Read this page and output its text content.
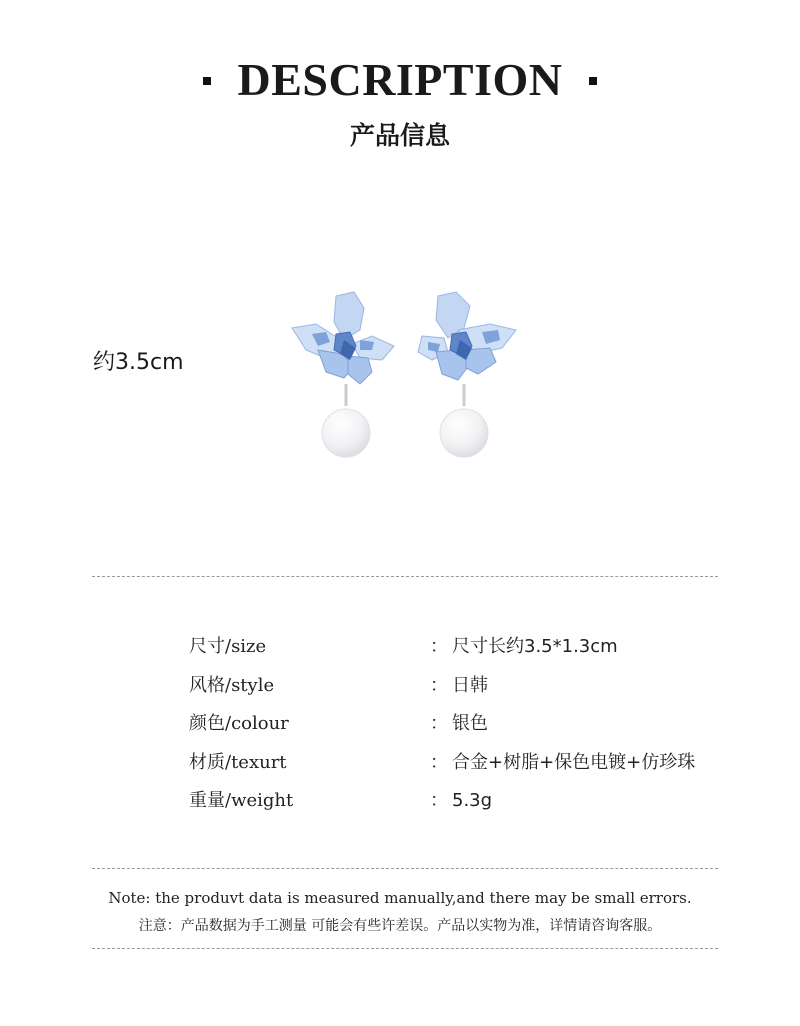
DESCRIPTION
产品信息
约3.5cm
尺寸/size	： 尺寸长约3.5*1.3cm
风格/style	： 日韩
颜色/colour	： 银色
材质/texurt	： 合金+树脂+保色电镀+仿珍珠
重量/weight	： 5.3g
Note: the produvt data is measured manually,and there may be small errors.
注意：产品数据为手工测量 可能会有些许差误。产品以实物为准，详情请咨询客服。
